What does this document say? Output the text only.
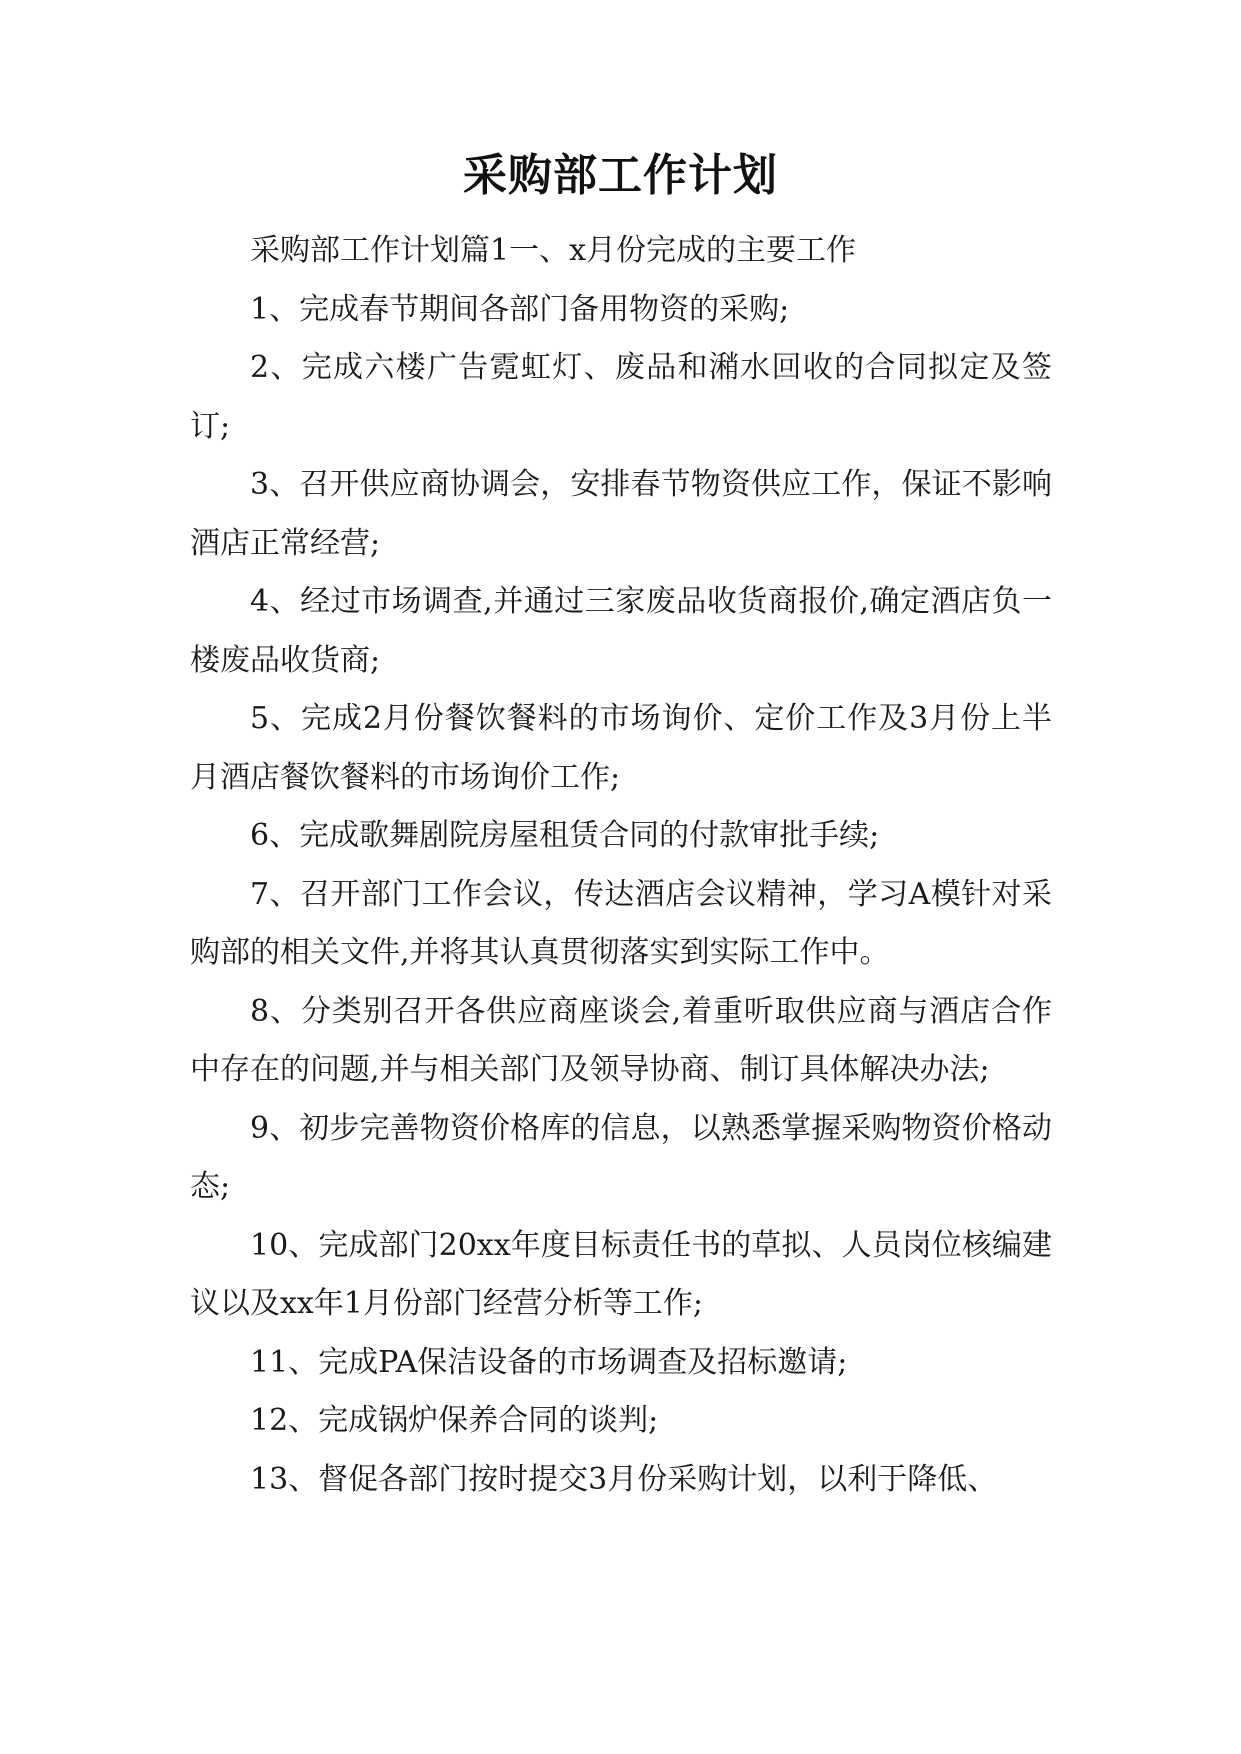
采购部工作计划

采购部工作计划篇1一、x月份完成的主要工作

1、完成春节期间各部门备用物资的采购;

2、完成六楼广告霓虹灯、废品和潲水回收的合同拟定及签订;

3、召开供应商协调会，安排春节物资供应工作，保证不影响酒店正常经营;

4、经过市场调查,并通过三家废品收货商报价,确定酒店负一楼废品收货商;

5、完成2月份餐饮餐料的市场询价、定价工作及3月份上半月酒店餐饮餐料的市场询价工作;

6、完成歌舞剧院房屋租赁合同的付款审批手续;

7、召开部门工作会议，传达酒店会议精神，学习A模针对采购部的相关文件,并将其认真贯彻落实到实际工作中。

8、分类别召开各供应商座谈会,着重听取供应商与酒店合作中存在的问题,并与相关部门及领导协商、制订具体解决办法;

9、初步完善物资价格库的信息，以熟悉掌握采购物资价格动态;

10、完成部门20xx年度目标责任书的草拟、人员岗位核编建议以及xx年1月份部门经营分析等工作;

11、完成PA保洁设备的市场调查及招标邀请;

12、完成锅炉保养合同的谈判;

13、督促各部门按时提交3月份采购计划，以利于降低、
